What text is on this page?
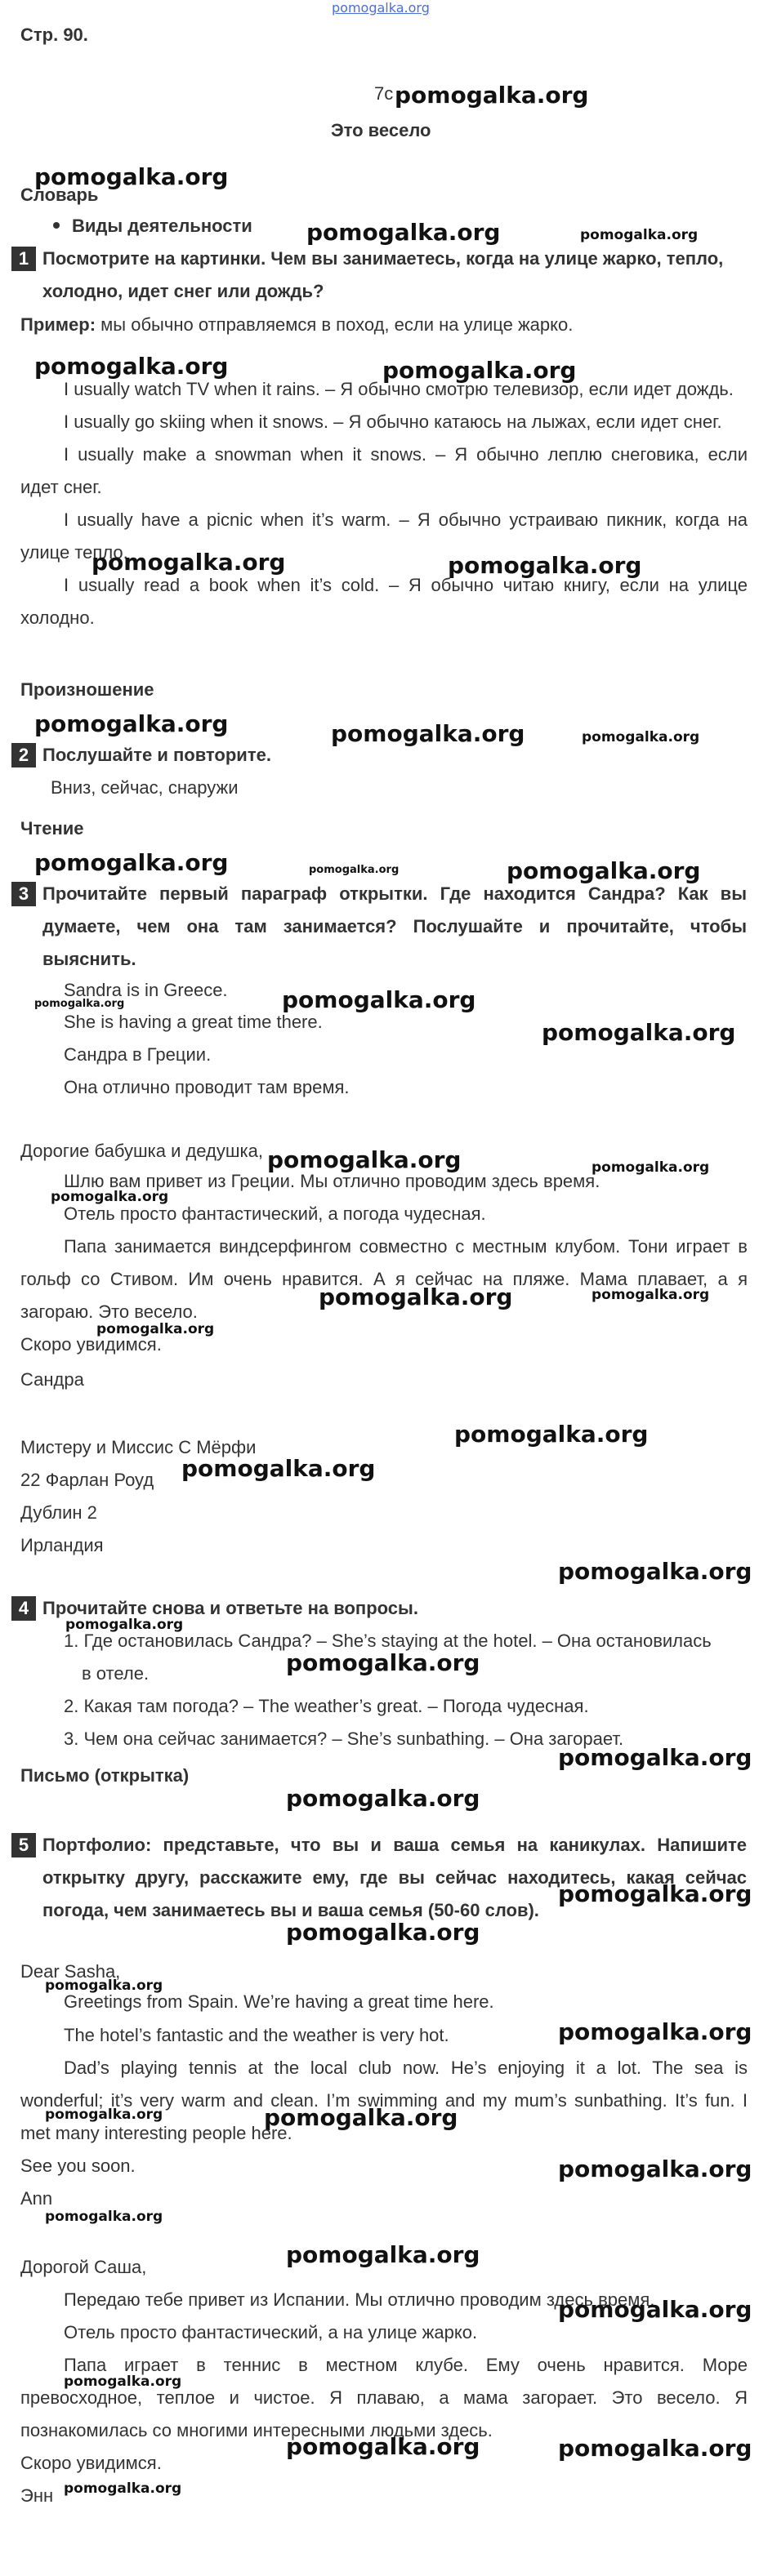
pomogalka.org
Стр. 90.
7c pomogalka.org
Это весело
pomogalka.org
Словарь
Виды деятельности pomogalka.org	pomogalka.org
1 Посмотрите на картинки. Чем вы занимаетесь, когда на улице жарко, тепло,
холодно, идет снег или дождь?
Пример: мы обычно отправляемся в поход, если на улице жарко.
pomogalka.org	pomogalka.org
I usually watch TV when it rains. – Я обычно смотрю телевизор, если идет дождь.
I usually go skiing when it snows. – Я обычно катаюсь на лыжах, если идет снег.
I usually make a snowman when it snows. – Я обычно леплю снеговика, если
идет снег.
I usually have a picnic when it’s warm. – Я обычно устраиваю пикник, когда на
улице тепло.
pomogalka.org	pomogalka.org
I usually read a book when it’s cold. – Я обычно читаю книгу, если на улице
холодно.
Произношение
pomogalka.org	pomogalka.org	pomogalka.org
2 Послушайте и повторите.
Вниз, сейчас, снаружи
Чтение
pomogalka.org	pomogalka.org	pomogalka.org
3 Прочитайте первый параграф открытки. Где находится Сандра? Как вы
думаете, чем она там занимается? Послушайте и прочитайте, чтобы
выяснить.
Sandra is in Greece.
pomogalka.org	pomogalka.org
She is having a great time there.	pomogalka.org
Сандра в Греции.
Она отлично проводит там время.
Дорогие бабушка и дедушка, pomogalka.org	pomogalka.org
Шлю вам привет из Греции. Мы отлично проводим здесь время.
pomogalka.org
Отель просто фантастический, а погода чудесная.
Папа занимается виндсерфингом совместно с местным клубом. Тони играет в
гольф со Стивом. Им очень нравится. А я сейчас на пляже. Мама плавает, а я
pomogalka.org	pomogalka.org
загораю. Это весело.
pomogalka.org
Скоро увидимся.
Сандра
pomogalka.org
Мистеру и Миссис С Мёрфи
pomogalka.org
22 Фарлан Роуд
Дублин 2
Ирландия
pomogalka.org
4 Прочитайте снова и ответьте на вопросы.
pomogalka.org
1. Где остановилась Сандра? – She’s staying at the hotel. – Она остановилась
pomogalka.org
в отеле.
2. Какая там погода? – The weather’s great. – Погода чудесная.
3. Чем она сейчас занимается? – She’s sunbathing. – Она загорает.
pomogalka.org
Письмо (открытка)
pomogalka.org
5 Портфолио: представьте, что вы и ваша семья на каникулах. Напишите
открытку другу, расскажите ему, где вы сейчас находитесь, какая сейчас
погода, чем занимаетесь вы и ваша семья (50-60 слов).
pomogalka.org
pomogalka.org
Dear Sasha,
pomogalka.org
Greetings from Spain. We’re having a great time here.
The hotel’s fantastic and the weather is very hot.	pomogalka.org
Dad’s playing tennis at the local club now. He’s enjoying it a lot. The sea is
wonderful; it’s very warm and clean. I’m swimming and my mum’s sunbathing. It’s fun. I
pomogalka.org	pomogalka.org
met many interesting people here.
See you soon.	pomogalka.org
Ann
pomogalka.org
pomogalka.org
Дорогой Саша,
Передаю тебе привет из Испании. Мы отлично проводим здесь время.
pomogalka.org
Отель просто фантастический, а на улице жарко.
Папа играет в теннис в местном клубе. Ему очень нравится. Море
pomogalka.org
превосходное, теплое и чистое. Я плаваю, а мама загорает. Это весело. Я
познакомилась со многими интересными людьми здесь.
Скоро увидимся.
pomogalka.org	pomogalka.org
Энн pomogalka.org
